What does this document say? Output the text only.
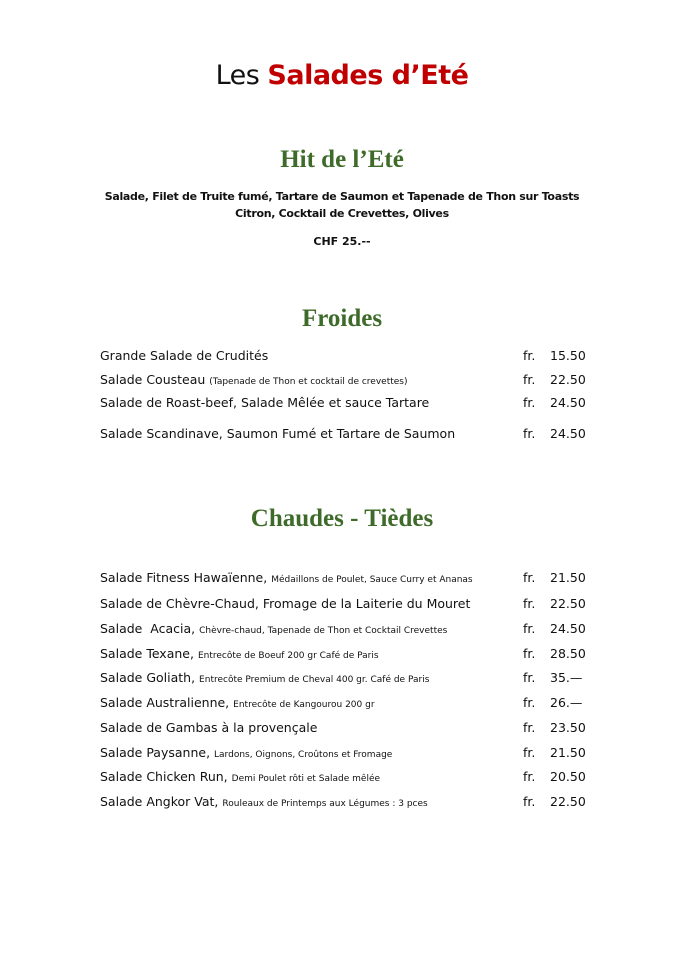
Les Salades d’Eté
Hit de l’Eté
Salade, Filet de Truite fumé, Tartare de Saumon et Tapenade de Thon sur Toasts
Citron, Cocktail de Crevettes, Olives
CHF 25.--
Froides
Grande Salade de Crudités	fr. 15.50
Salade Cousteau (Tapenade de Thon et cocktail de crevettes)	fr. 22.50
Salade de Roast-beef, Salade Mêlée et sauce Tartare	fr. 24.50
Salade Scandinave, Saumon Fumé et Tartare de Saumon	fr. 24.50
Chaudes - Tièdes
Salade Fitness Hawaïenne, Médaillons de Poulet, Sauce Curry et Ananas	fr. 21.50
Salade de Chèvre-Chaud, Fromage de la Laiterie du Mouret	fr. 22.50
Salade  Acacia, Chèvre-chaud, Tapenade de Thon et Cocktail Crevettes	fr. 24.50
Salade Texane, Entrecôte de Boeuf 200 gr Café de Paris	fr. 28.50
Salade Goliath, Entrecôte Premium de Cheval 400 gr. Café de Paris	fr. 35.—
Salade Australienne, Entrecôte de Kangourou 200 gr	fr. 26.—
Salade de Gambas à la provençale	fr. 23.50
Salade Paysanne, Lardons, Oignons, Croûtons et Fromage	fr. 21.50
Salade Chicken Run, Demi Poulet rôti et Salade mêlée	fr. 20.50
Salade Angkor Vat, Rouleaux de Printemps aux Légumes : 3 pces	fr. 22.50
